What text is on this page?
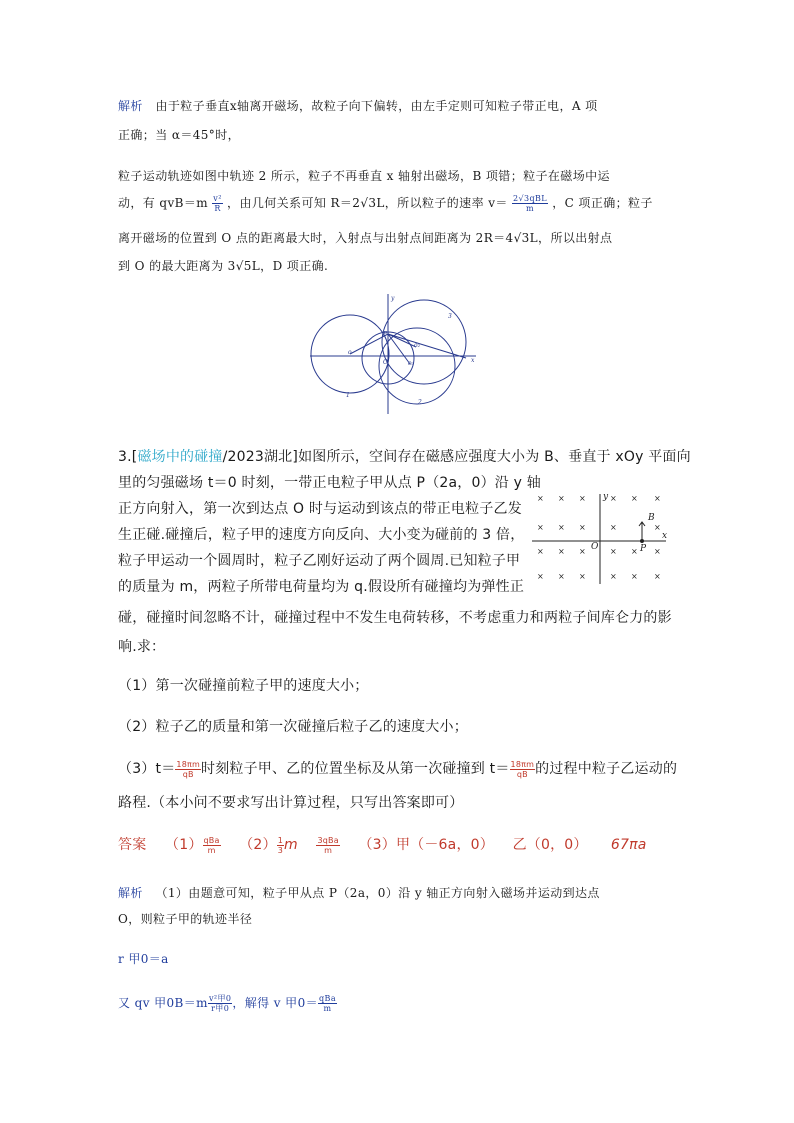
解析 由于粒子垂直x轴离开磁场，故粒子向下偏转，由左手定则可知粒子带正电，A 项
正确；当 α＝45°时，
粒子运动轨迹如图中轨迹 2 所示，粒子不再垂直 x 轴射出磁场，B 项错；粒子在磁场中运
动，有 $qvB=m \frac{\text{v²}}{R}$ ，由几何关系可知 R＝2√3L，所以粒子的速率 $v= \frac{\text{2√3qBL}}{m}$ ，C 项正确；粒子
离开磁场的位置到 O 点的距离最大时，入射点与出射点间距离为 2R＝4√3L，所以出射点
到 O 的最大距离为 3√5L，D 项正确.
y
x
O
o
P
1
2
3
o₂
o₃
3.[磁场中的碰撞/2023湖北]如图所示，空间存在磁感应强度大小为 B、垂直于 xOy 平面向
里的匀强磁场 t＝0 时刻，一带正电粒子甲从点 P（2a，0）沿 y 轴
正方向射入，第一次到达点 O 时与运动到该点的带正电粒子乙发
生正碰.碰撞后，粒子甲的速度方向反向、大小变为碰前的 3 倍，
粒子甲运动一个圆周时，粒子乙刚好运动了两个圆周.已知粒子甲
的质量为 m，两粒子所带电荷量均为 q.假设所有碰撞均为弹性正
碰，碰撞时间忽略不计，碰撞过程中不发生电荷转移，不考虑重力和两粒子间库仑力的影
响.求：
× × ×	× × ×
× × ×	×	×
× × ×	× × ×
× × ×	× × ×
y
x
O	P
B
（1）第一次碰撞前粒子甲的速度大小；
（2）粒子乙的质量和第一次碰撞后粒子乙的速度大小；
$(3)t= \frac{18\pi m}{qB}$ 时刻粒子甲、乙的位置坐标及从第一次碰撞到 $t= \frac{18\pi m}{qB}$ 的过程中粒子乙运动的
路程.（本小问不要求写出计算过程，只写出答案即可）
答案 $(1) \frac{\text{qBa}}{m} (2) \frac{1}{3}$ m $\frac{\text{3qBa}}{m} (3)$甲（－6a，0） 乙（0，0） 67πa
解析 （1）由题意可知，粒子甲从点 P（2a，0）沿 y 轴正方向射入磁场并运动到达点
O，则粒子甲的轨迹半径
r 甲0＝a
又 qv 甲$0B=m \frac{\text{v²甲0}}{\text{r甲0}}$ ，解得 v 甲$0= \frac{\text{qBa}}{m}$
